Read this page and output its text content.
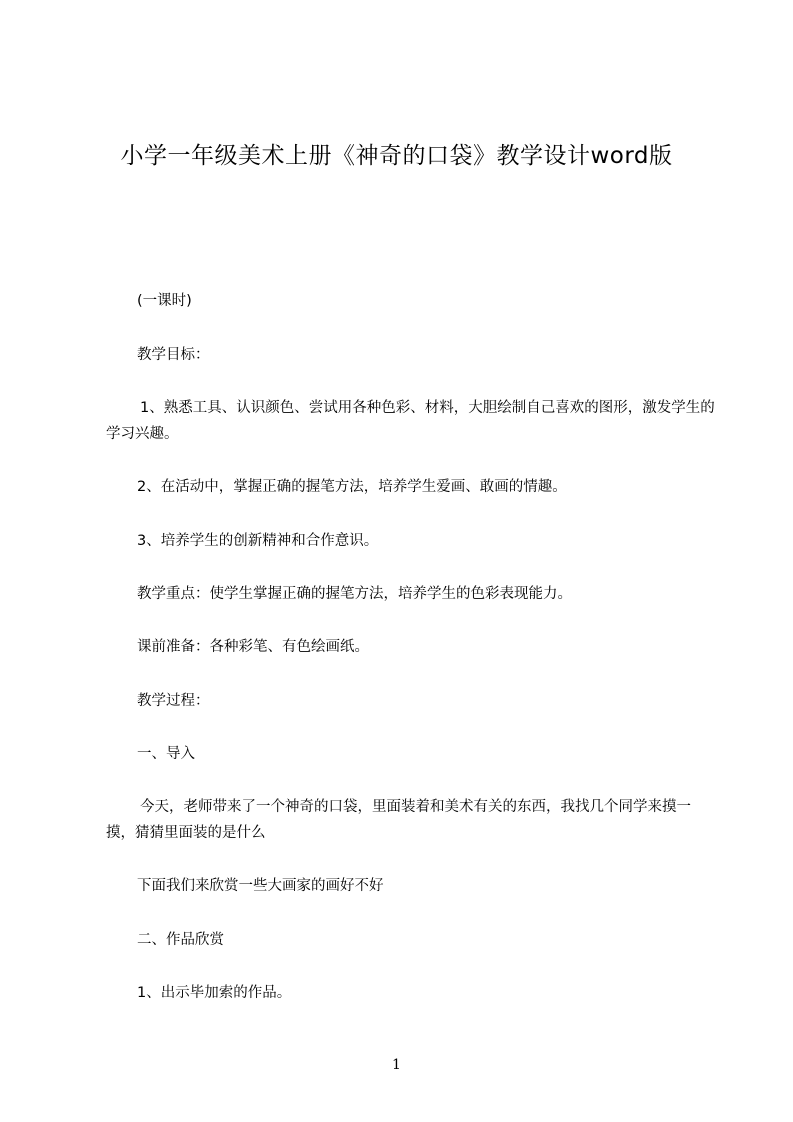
小学一年级美术上册《神奇的口袋》教学设计word版
(一课时)
教学目标：
1、熟悉工具、认识颜色、尝试用各种色彩、材料，大胆绘制自己喜欢的图形，激发学生的学习兴趣。
2、在活动中，掌握正确的握笔方法，培养学生爱画、敢画的情趣。
3、培养学生的创新精神和合作意识。
教学重点：使学生掌握正确的握笔方法，培养学生的色彩表现能力。
课前准备：各种彩笔、有色绘画纸。
教学过程：
一、导入
今天，老师带来了一个神奇的口袋，里面装着和美术有关的东西，我找几个同学来摸一摸，猜猜里面装的是什么
下面我们来欣赏一些大画家的画好不好
二、作品欣赏
1、出示毕加索的作品。
1
